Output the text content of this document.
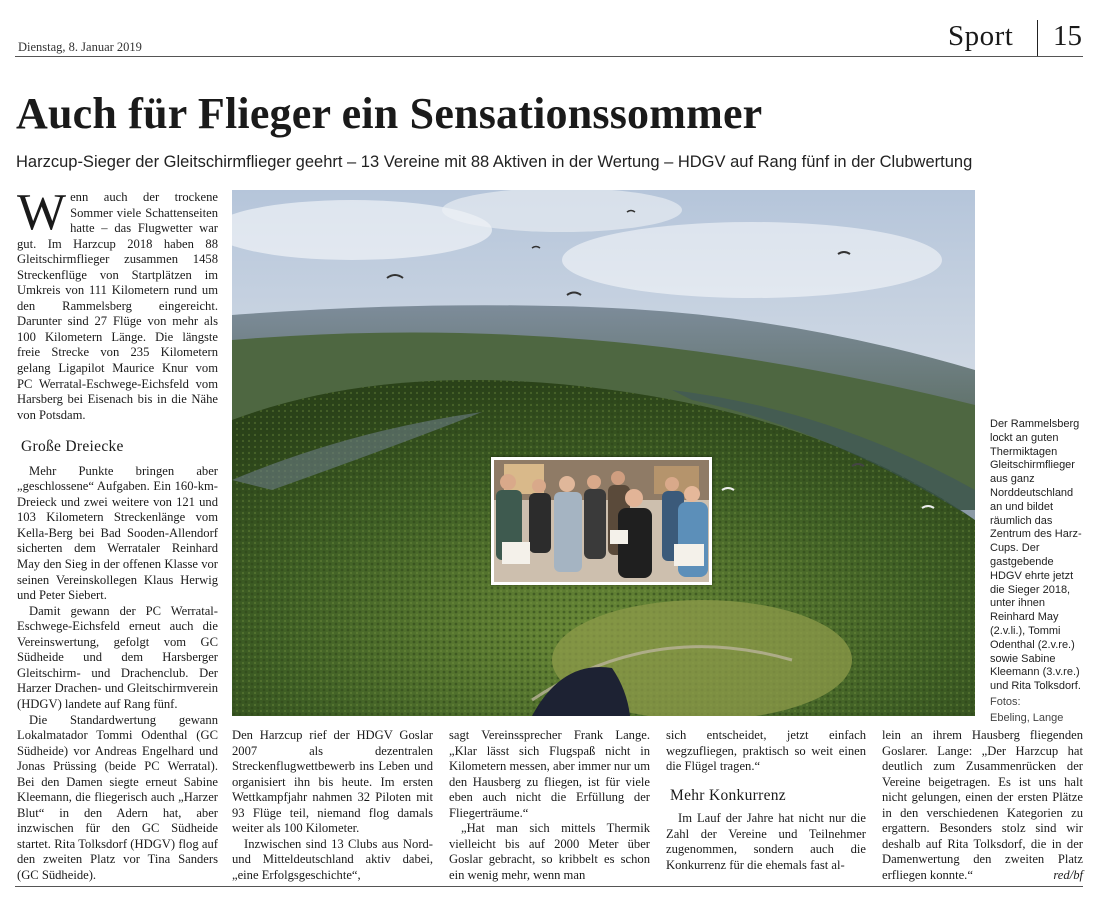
Dienstag, 8. Januar 2019	Sport 15
Auch für Flieger ein Sensationssommer
Harzcup-Sieger der Gleitschirmflieger geehrt – 13 Vereine mit 88 Aktiven in der Wertung – HDGV auf Rang fünf in der Clubwertung

Wenn auch der trockene Sommer viele Schattenseiten hatte – das Flugwetter war gut. Im Harzcup 2018 haben 88 Gleitschirmflieger zusammen 1458 Streckenflüge von Startplätzen im Umkreis von 111 Kilometern rund um den Rammelsberg eingereicht. Darunter sind 27 Flüge von mehr als 100 Kilometern Länge. Die längste freie Strecke von 235 Kilometern gelang Ligapilot Maurice Knur vom PC Werratal-Eschwege-Eichsfeld vom Harsberg bei Eisenach bis in die Nähe von Potsdam.

Große Dreiecke

Mehr Punkte bringen aber „geschlossene“ Aufgaben. Ein 160-km-Dreieck und zwei weitere von 121 und 103 Kilometern Streckenlänge vom Kella-Berg bei Bad Sooden-Allendorf sicherten dem Werrataler Reinhard May den Sieg in der offenen Klasse vor seinen Vereinskollegen Klaus Herwig und Peter Siebert.

Damit gewann der PC Werratal-Eschwege-Eichsfeld erneut auch die Vereinswertung, gefolgt vom GC Südheide und dem Harsberger Gleitschirm- und Drachenclub. Der Harzer Drachen- und Gleitschirmverein (HDGV) landete auf Rang fünf.

Die Standardwertung gewann Lokalmatador Tommi Odenthal (GC Südheide) vor Andreas Engelhard und Jonas Prüssing (beide PC Werratal). Bei den Damen siegte erneut Sabine Kleemann, die fliegerisch auch „Harzer Blut“ in den Adern hat, aber inzwischen für den GC Südheide startet. Rita Tolksdorf (HDGV) flog auf den zweiten Platz vor Tina Sanders (GC Südheide).

Der Rammelsberg lockt an guten Thermiktagen Gleitschirmflieger aus ganz Norddeutschland an und bildet räumlich das Zentrum des Harz-Cups. Der gastgebende HDGV ehrte jetzt die Sieger 2018, unter ihnen Reinhard May (2.v.li.), Tommi Odenthal (2.v.re.) sowie Sabine Kleemann (3.v.re.) und Rita Tolksdorf.
Fotos:
Ebeling, Lange

Den Harzcup rief der HDGV Goslar 2007 als dezentralen Streckenflugwettbewerb ins Leben und organisiert ihn bis heute. Im ersten Wettkampfjahr nahmen 32 Piloten mit 93 Flüge teil, niemand flog damals weiter als 100 Kilometer.

Inzwischen sind 13 Clubs aus Nord- und Mitteldeutschland aktiv dabei, „eine Erfolgsgeschichte“,

sagt Vereinssprecher Frank Lange. „Klar lässt sich Flugspaß nicht in Kilometern messen, aber immer nur um den Hausberg zu fliegen, ist für viele eben auch nicht die Erfüllung der Fliegerträume.“

„Hat man sich mittels Thermik vielleicht bis auf 2000 Meter über Goslar gebracht, so kribbelt es schon ein wenig mehr, wenn man

sich entscheidet, jetzt einfach wegzufliegen, praktisch so weit einen die Flügel tragen.“

Mehr Konkurrenz

Im Lauf der Jahre hat nicht nur die Zahl der Vereine und Teilnehmer zugenommen, sondern auch die Konkurrenz für die ehemals fast al-

lein an ihrem Hausberg fliegenden Goslarer. Lange: „Der Harzcup hat deutlich zum Zusammenrücken der Vereine beigetragen. Es ist uns halt nicht gelungen, einen der ersten Plätze in den verschiedenen Kategorien zu ergattern. Besonders stolz sind wir deshalb auf Rita Tolksdorf, die in der Damenwertung den zweiten Platz erfliegen konnte.“	red/bf
